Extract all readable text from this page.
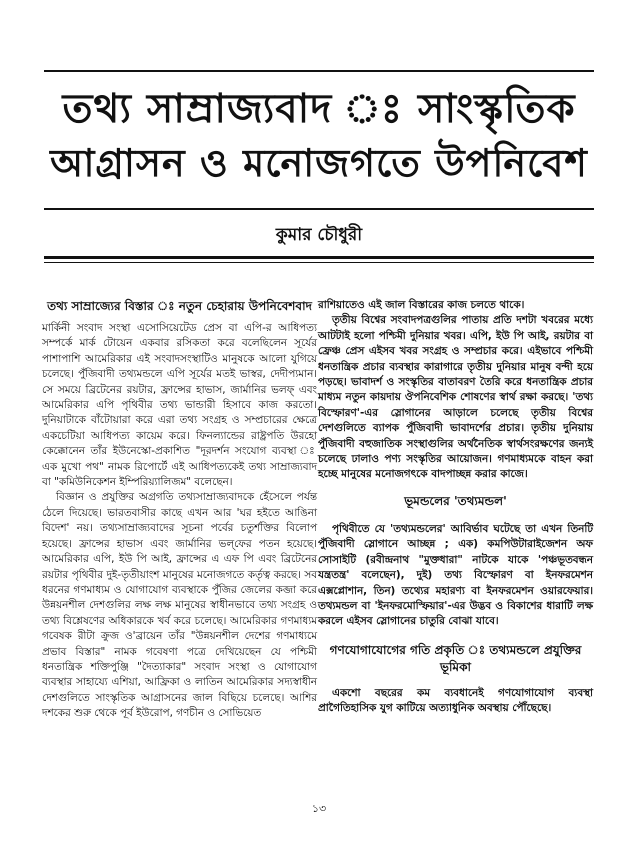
তথ্য সাম্রাজ্যবাদ ঃ সাংস্কৃতিক
আগ্রাসন ও মনোজগতে উপনিবেশ
কুমার চৌধুরী
তথ্য সাম্রাজ্যের বিস্তার ঃ নতুন চেহারায় উপনিবেশবাদ

মার্কিনী সংবাদ সংস্থা এসোসিয়েটেড প্রেস বা এপি-র আধিপত্য সম্পর্কে মার্ক টোয়েন একবার রসিকতা করে বলেছিলেন সূর্যের পাশাপাশি আমেরিকার এই সংবাদসংস্থাটিও মানুষকে আলো যুগিয়ে চলেছে। পুঁজিবাদী তথ্যমন্ডলে এপি সূর্যের মতই ভাস্বর, দেদীপ্যমান। সে সময়ে ব্রিটেনের রয়টার, ফ্রান্সের হাভাস, জার্মানির ভলফ্‌ এবং আমেরিকার এপি পৃথিবীর তথ্য ভান্ডারী হিসাবে কাজ করতো। দুনিয়াটাকে বাঁটোয়ারা করে এরা তথ্য সংগ্রহ ও সম্প্রচারের ক্ষেত্রে একচেটিয়া আধিপত্য কায়েম করে। ফিনল্যান্ডের রাষ্ট্রপতি উরহো কেক্কোনেন তাঁর ইউনেস্কো-প্রকাশিত "দূরদর্শন সংযোগ ব্যবস্থা ঃ এক মুখো পথ" নামক রিপোর্টে এই আধিপত্যকেই তথ্য সাম্রাজ্যবাদ বা "কমিউনিকেশন ইম্পিরিয়্যালিজম" বলেছেন।

বিজ্ঞান ও প্রযুক্তির অগ্রগতি তথ্যসাম্রাজ্যবাদকে হেঁসেলে পর্যন্ত ঠেলে দিয়েছে। ভারতবাসীর কাছে এখন আর 'ঘর হইতে আঙিনা বিদেশ' নয়। তথ্যসাম্রাজ্যবাদের সূচনা পর্বের চতুর্শক্তির বিলোপ হয়েছে। ফ্রান্সের হাভাস এবং জার্মানির ভল্‌ফের পতন হয়েছে। আমেরিকার এপি, ইউ পি আই, ফ্রান্সের এ এফ পি এবং ব্রিটেনের রয়টার পৃথিবীর দুই-তৃতীয়াংশ মানুষের মনোজগতে কর্তৃত্ব করছে। সব ধরনের গণমাধ্যম ও যোগাযোগ ব্যবস্থাকে পুঁজির জেলের কব্জা করে উন্নয়নশীল দেশগুলির লক্ষ লক্ষ মানুষের স্বাধীনভাবে তথ্য সংগ্রহ ও তথ্য বিশ্লেষণের অধিকারকে খর্ব করে চলেছে। আমেরিকার গণমাধ্যম গবেষক রীটা ক্রুজ ও'ব্রায়েন তাঁর "উন্নয়নশীল দেশের গণমাধ্যমে প্রভাব বিস্তার" নামক গবেষণা পত্রে দেখিয়েছেন যে পশ্চিমী ধনতান্ত্রিক শক্তিপুঞ্জি "দৈত্যাকার" সংবাদ সংস্থা ও যোগাযোগ ব্যবস্থার সাহায্যে এশিয়া, আফ্রিকা ও লাতিন আমেরিকার সদ্যস্বাধীন দেশগুলিতে সাংস্কৃতিক আগ্রাসনের জাল বিছিয়ে চলেছে। আশির দশকের শুরু থেকে পূর্ব ইউরোপ, গণচীন ও সোভিয়েত

রাশিয়াতেও এই জাল বিস্তারের কাজ চলতে থাকে।

তৃতীয় বিশ্বের সংবাদপত্রগুলির পাতায় প্রতি দশটা খবরের মধ্যে আটটাই হলো পশ্চিমী দুনিয়ার খবর। এপি, ইউ পি আই, রয়টার বা ফ্রেঞ্চ প্রেস এইসব খবর সংগ্রহ ও সম্প্রচার করে। এইভাবে পশ্চিমী ধনতান্ত্রিক প্রচার ব্যবস্থার কারাগারে তৃতীয় দুনিয়ার মানুষ বন্দী হয়ে পড়ছে। ভাবাদর্শ ও সংস্কৃতির বাতাবরণ তৈরি করে ধনতান্ত্রিক প্রচার মাধ্যম নতুন কায়দায় ঔপনিবেশিক শোষণের স্বার্থ রক্ষা করছে। 'তথ্য বিস্ফোরণ'-এর স্লোগানের আড়ালে চলেছে তৃতীয় বিশ্বের দেশগুলিতে ব্যাপক পুঁজিবাদী ভাবাদর্শের প্রচার। তৃতীয় দুনিয়ায় পুঁজিবাদী বহুজাতিক সংস্থাগুলির অর্থনৈতিক স্বার্থসংরক্ষণের জন্যই চলেছে ঢালাও পণ্য সংস্কৃতির আয়োজন। গণমাধ্যমকে বাহন করা হচ্ছে মানুষের মনোজগৎকে বাদপাচ্ছন্ন করার কাজে।

ভূমন্ডলের 'তথ্যমন্ডল'

পৃথিবীতে যে 'তথ্যমন্ডলের' আবির্ভাব ঘটেছে তা এখন তিনটি পুঁজিবাদী স্লোগানে আচ্ছন্ন ; এক) কমপিউটারাইজেশন অফ সোসাইটি (রবীন্দ্রনাথ "মুক্তধারা" নাটকে যাকে 'পঞ্চভূতবন্ধন যন্ত্রতন্ত্র' বলেছেন), দুই) তথ্য বিস্ফোরণ বা ইনফরমেশন এক্সপ্লোশান, তিন) তথ্যের মহারণ্য বা ইনফরমেশন ওয়ারফেয়ার। তথ্যমন্ডল বা 'ইনফরমোস্ফিয়ার'-এর উদ্ভব ও বিকাশের ধারাটি লক্ষ করলে এইসব স্লোগানের চাতুরি বোঝা যাবে।

গণযোগাযোগের গতি প্রকৃতি ঃ তথ্যমন্ডলে প্রযুক্তির ভূমিকা

একশো বছরের কম ব্যবধানেই গণযোগাযোগ ব্যবস্থা প্রাগৈতিহাসিক যুগ কাটিয়ে অত্যাধুনিক অবস্থায় পৌঁছেছে।

১৩
